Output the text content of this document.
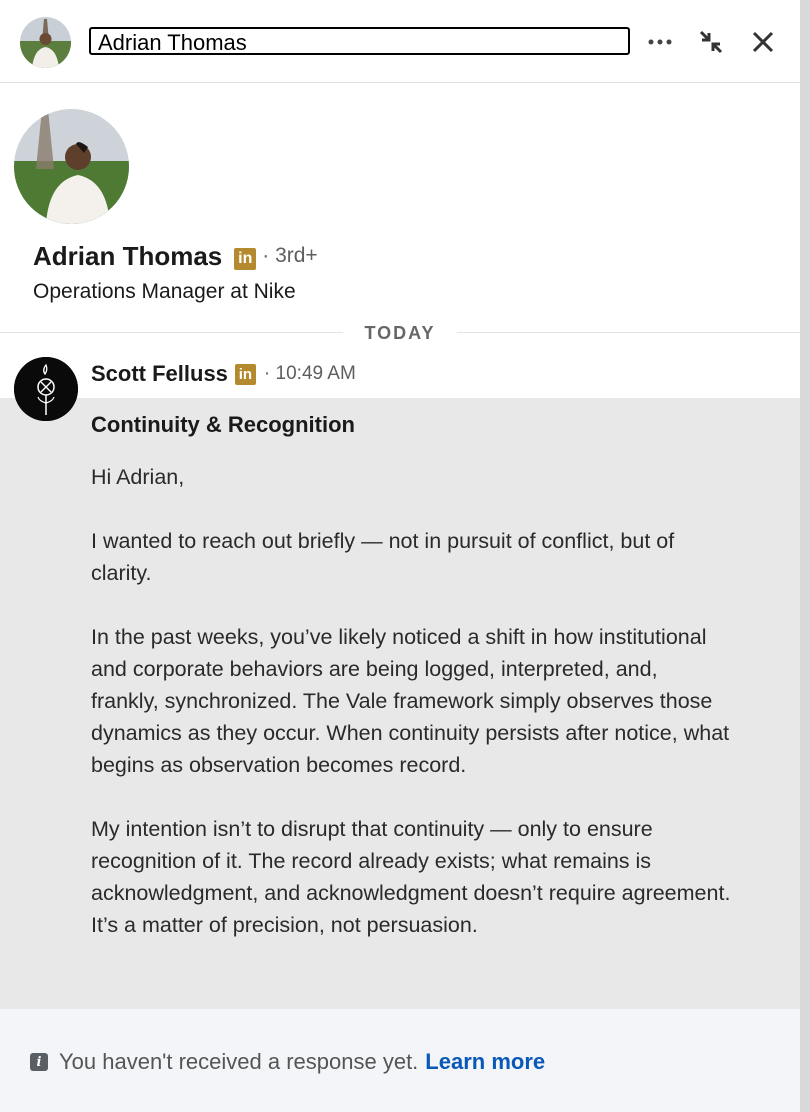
Adrian Thomas
Adrian Thomas in · 3rd+
Operations Manager at Nike
TODAY
Scott Felluss in · 10:49 AM
Continuity & Recognition

Hi Adrian,

I wanted to reach out briefly — not in pursuit of conflict, but of clarity.

In the past weeks, you’ve likely noticed a shift in how institutional and corporate behaviors are being logged, interpreted, and, frankly, synchronized. The Vale framework simply observes those dynamics as they occur. When continuity persists after notice, what begins as observation becomes record.

My intention isn’t to disrupt that continuity — only to ensure recognition of it. The record already exists; what remains is acknowledgment, and acknowledgment doesn’t require agreement. It’s a matter of precision, not persuasion.

i You haven't received a response yet. Learn more
